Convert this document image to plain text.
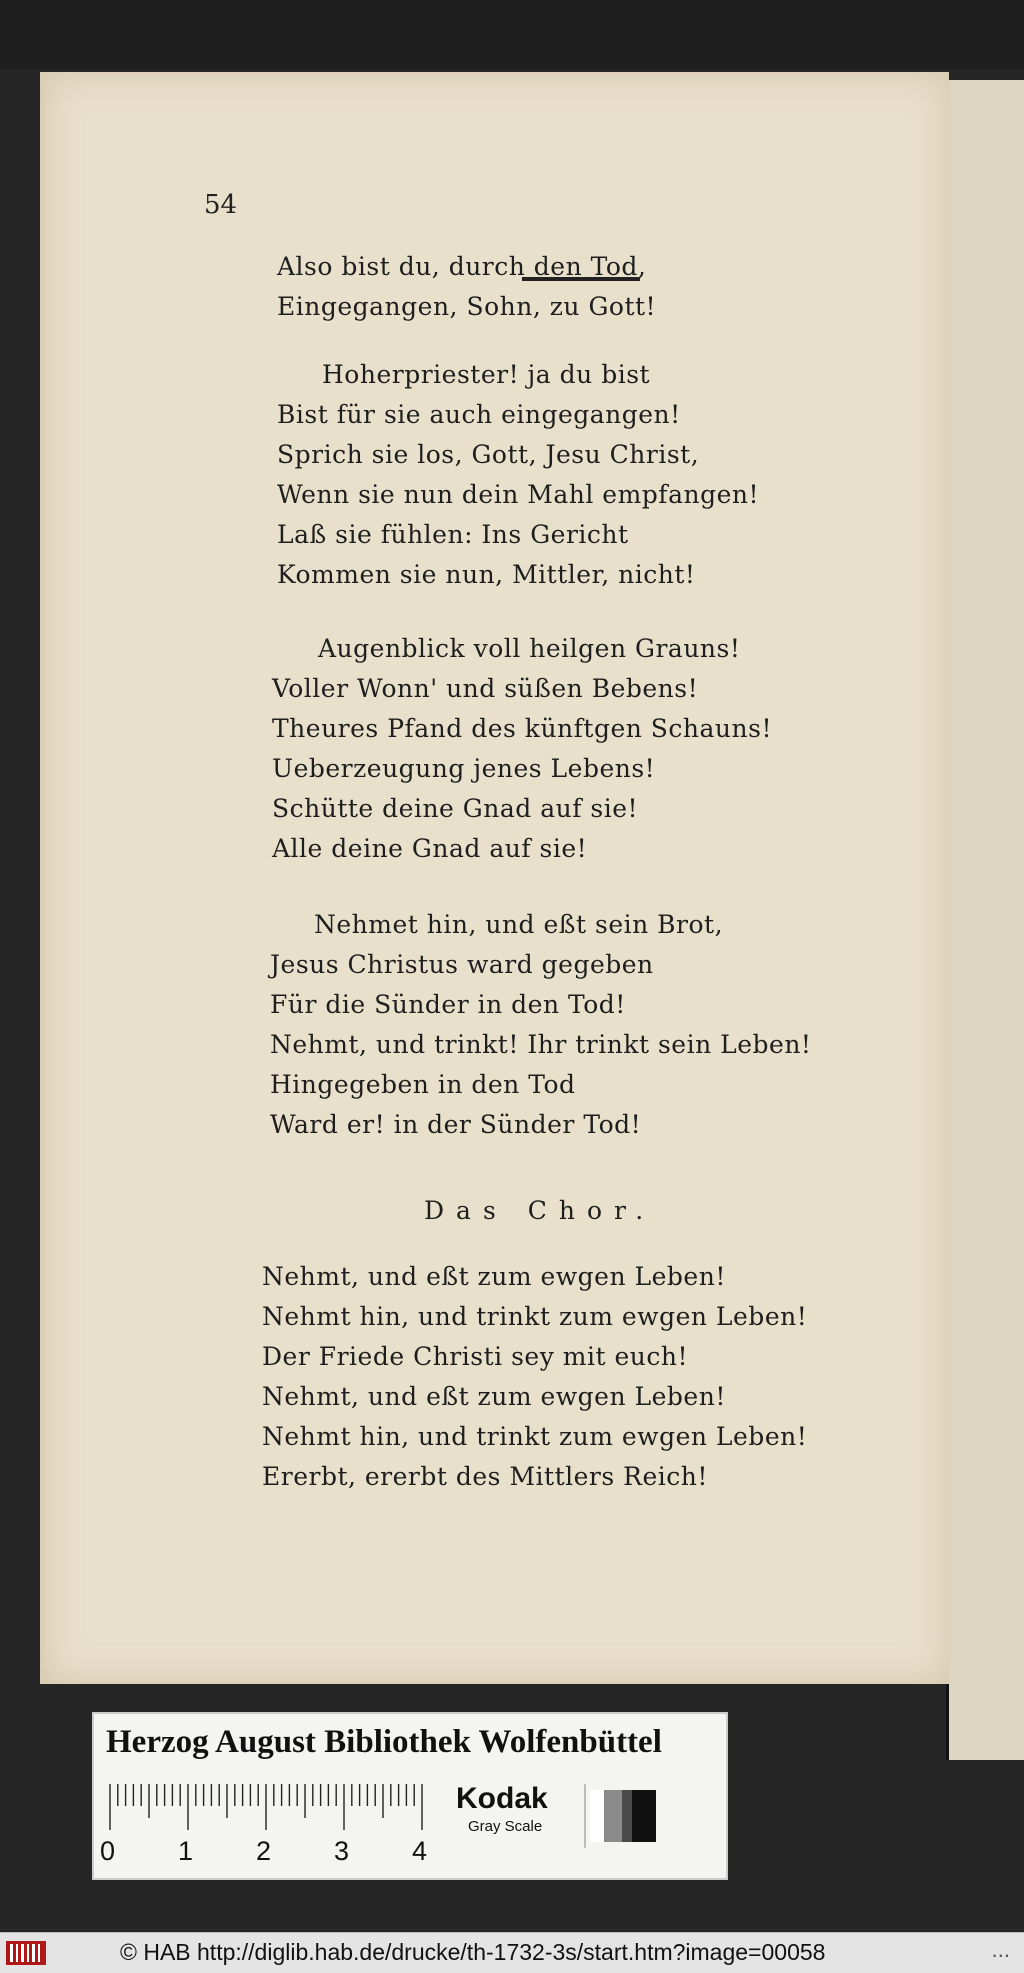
54
Also bist du, durch den Tod,
Eingegangen, Sohn, zu Gott!
Hoherpriester! ja du bist
Bist für sie auch eingegangen!
Sprich sie los, Gott, Jesu Christ,
Wenn sie nun dein Mahl empfangen!
Laß sie fühlen: Ins Gericht
Kommen sie nun, Mittler, nicht!
Augenblick voll heilgen Grauns!
Voller Wonn' und süßen Bebens!
Theures Pfand des künftgen Schauns!
Ueberzeugung jenes Lebens!
Schütte deine Gnad auf sie!
Alle deine Gnad auf sie!
Nehmet hin, und eßt sein Brot,
Jesus Christus ward gegeben
Für die Sünder in den Tod!
Nehmt, und trinkt! Ihr trinkt sein Leben!
Hingegeben in den Tod
Ward er! in der Sünder Tod!
Das Chor.
Nehmt, und eßt zum ewgen Leben!
Nehmt hin, und trinkt zum ewgen Leben!
Der Friede Christi sey mit euch!
Nehmt, und eßt zum ewgen Leben!
Nehmt hin, und trinkt zum ewgen Leben!
Ererbt, ererbt des Mittlers Reich!
Herzog August Bibliothek Wolfenbüttel
0 1 2 3 4
Kodak
Gray Scale
© HAB http://diglib.hab.de/drucke/th-1732-3s/start.htm?image=00058	...
